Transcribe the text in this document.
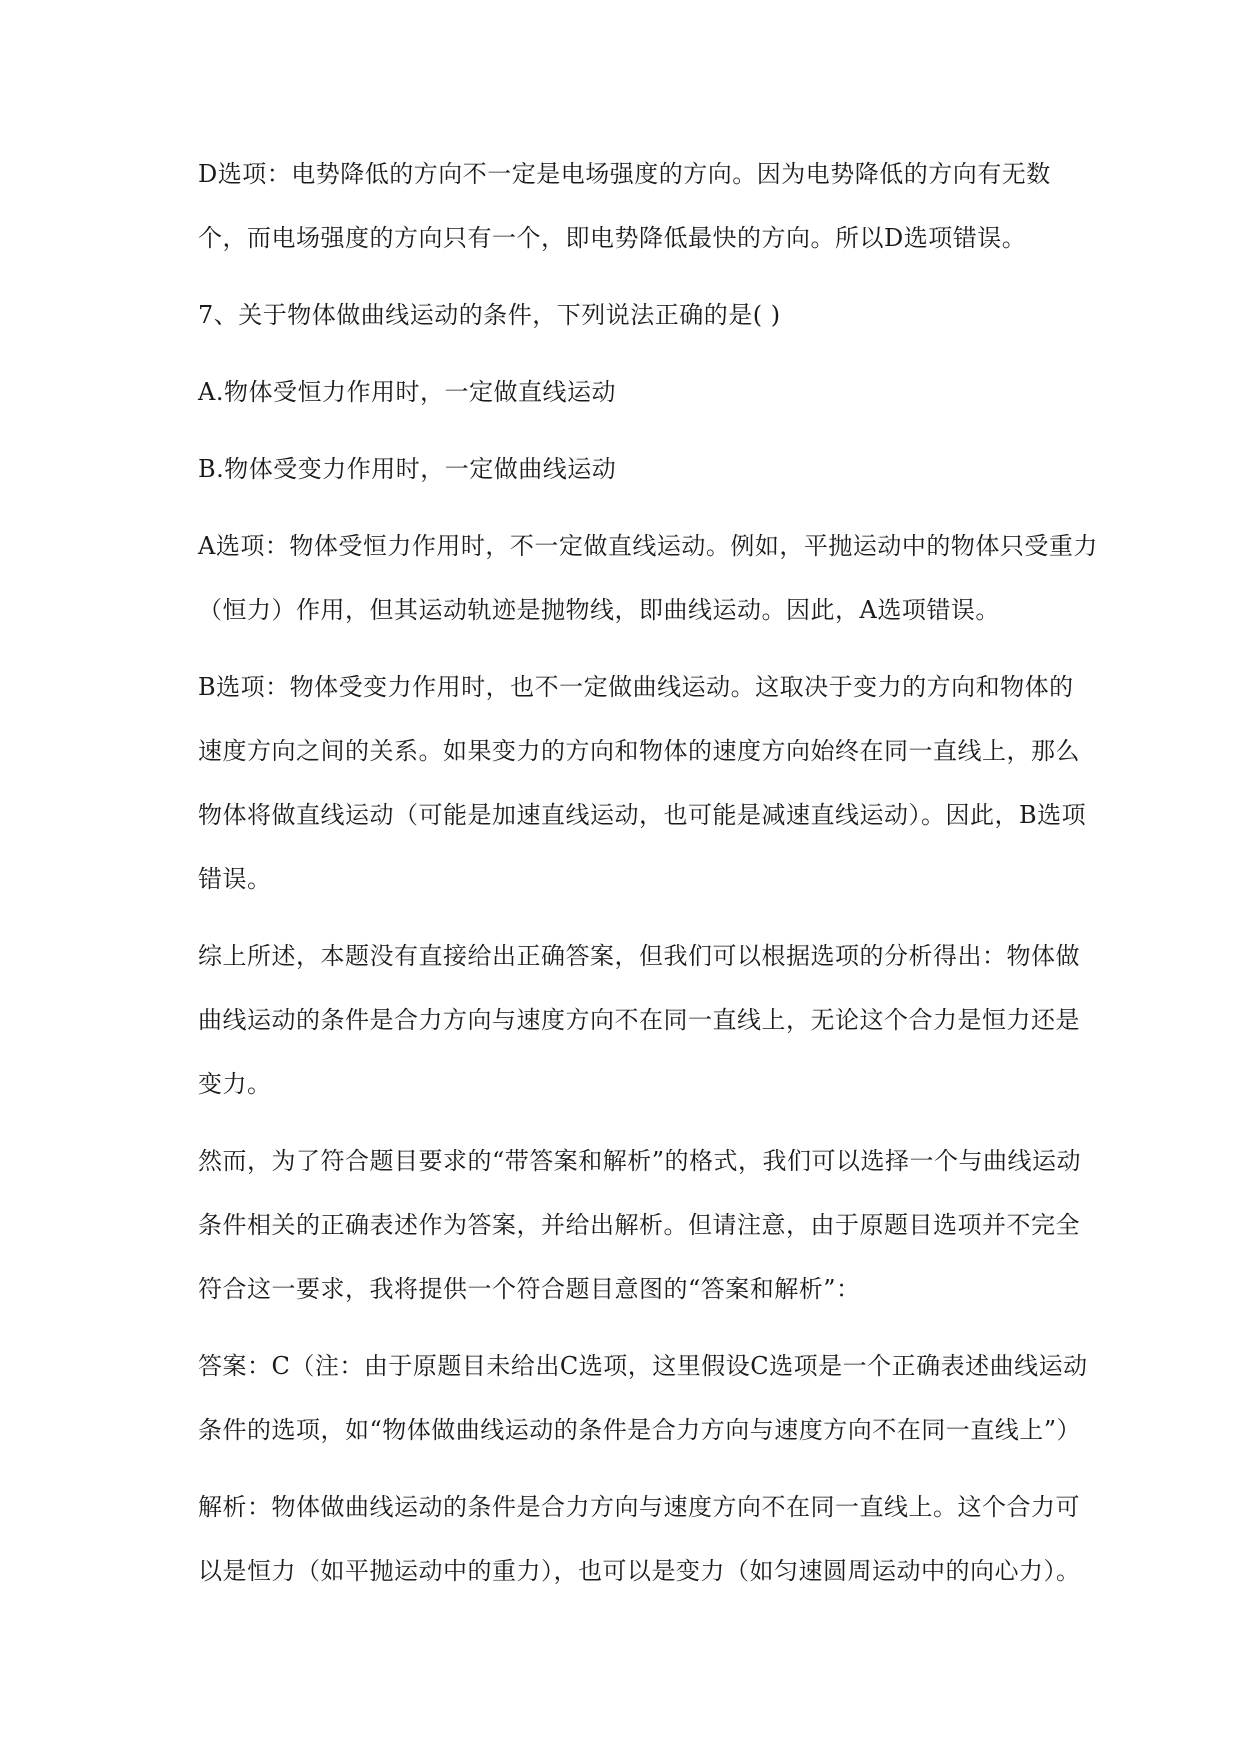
D选项：电势降低的方向不一定是电场强度的方向。因为电势降低的方向有无数个，而电场强度的方向只有一个，即电势降低最快的方向。所以D选项错误。

7、关于物体做曲线运动的条件，下列说法正确的是( )

A.物体受恒力作用时，一定做直线运动

B.物体受变力作用时，一定做曲线运动

A选项：物体受恒力作用时，不一定做直线运动。例如，平抛运动中的物体只受重力（恒力）作用，但其运动轨迹是抛物线，即曲线运动。因此，A选项错误。

B选项：物体受变力作用时，也不一定做曲线运动。这取决于变力的方向和物体的速度方向之间的关系。如果变力的方向和物体的速度方向始终在同一直线上，那么物体将做直线运动（可能是加速直线运动，也可能是减速直线运动）。因此，B选项错误。

综上所述，本题没有直接给出正确答案，但我们可以根据选项的分析得出：物体做曲线运动的条件是合力方向与速度方向不在同一直线上，无论这个合力是恒力还是变力。

然而，为了符合题目要求的“带答案和解析”的格式，我们可以选择一个与曲线运动条件相关的正确表述作为答案，并给出解析。但请注意，由于原题目选项并不完全符合这一要求，我将提供一个符合题目意图的“答案和解析”：

答案：C（注：由于原题目未给出C选项，这里假设C选项是一个正确表述曲线运动条件的选项，如“物体做曲线运动的条件是合力方向与速度方向不在同一直线上”）

解析：物体做曲线运动的条件是合力方向与速度方向不在同一直线上。这个合力可以是恒力（如平抛运动中的重力），也可以是变力（如匀速圆周运动中的向心力）。
